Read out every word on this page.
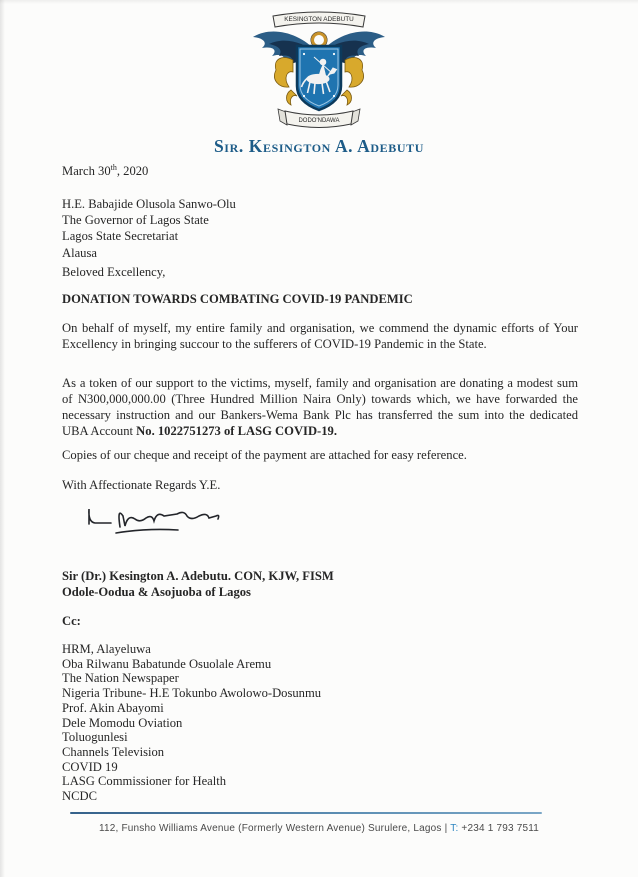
KESINGTON ADEBUTU
DODO'NDAWA
Sir. Kesington A. Adebutu
March 30th, 2020
H.E. Babajide Olusola Sanwo-Olu
The Governor of Lagos State
Lagos State Secretariat
Alausa
Beloved Excellency,
DONATION TOWARDS COMBATING COVID-19 PANDEMIC
On behalf of myself, my entire family and organisation, we commend the dynamic efforts of Your Excellency in bringing succour to the sufferers of COVID-19 Pandemic in the State.
As a token of our support to the victims, myself, family and organisation are donating a modest sum of N300,000,000.00 (Three Hundred Million Naira Only) towards which, we have forwarded the necessary instruction and our Bankers-Wema Bank Plc has transferred the sum into the dedicated UBA Account No. 1022751273 of LASG COVID-19.
Copies of our cheque and receipt of the payment are attached for easy reference.
With Affectionate Regards Y.E.
Sir (Dr.) Kesington A. Adebutu. CON, KJW, FISM
Odole-Oodua & Asojuoba of Lagos
Cc:
HRM, Alayeluwa
Oba Rilwanu Babatunde Osuolale Aremu
The Nation Newspaper
Nigeria Tribune- H.E Tokunbo Awolowo-Dosunmu
Prof. Akin Abayomi
Dele Momodu Oviation
Toluogunlesi
Channels Television
COVID 19
LASG Commissioner for Health
NCDC
112, Funsho Williams Avenue (Formerly Western Avenue) Surulere, Lagos | T: +234 1 793 7511
